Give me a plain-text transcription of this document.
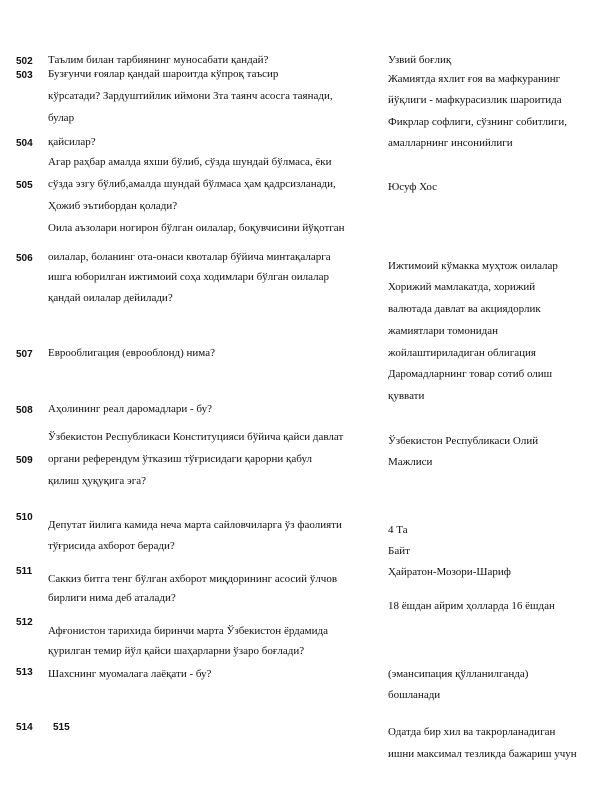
502
503
504
505
506
507
508
509
510
511
512
513
514 515
Таълим билан тарбиянинг муносабати қандай?
Бузғунчи ғоялар қандай шароитда кўпроқ таъсир
кўрсатади? Зардуштийлик иймони 3та таянч асосга таянади,
булар
қайсилар?
Агар раҳбар амалда яхши бўлиб, сўзда шундай бўлмаса, ёки
сўзда эзгу бўлиб,амалда шундай бўлмаса ҳам қадрсизланади,
Ҳожиб эътибордан қолади?
Оила аъзолари ногирон бўлган оилалар, боқувчисини йўқотган
оилалар, боланинг ота-онаси квоталар бўйича минтақаларга
ишга юборилган ижтимоий соҳа ходимлари бўлган оилалар
қандай оилалар дейилади?
Еврооблигация (еврооблонд) нима?
Аҳолининг реал даромадлари - бу?
Ўзбекистон Республикаси Конституцияси бўйича қайси давлат
органи референдум ўтказиш тўғрисидаги қарорни қабул
қилиш ҳуқуқига эга?
Депутат йилига камида неча марта сайловчиларга ўз фаолияти
тўғрисида ахборот беради?
Саккиз битга тенг бўлган ахборот миқдорининг асосий ўлчов
бирлиги нима деб аталади?
Афғонистон тарихида биринчи марта Ўзбекистон ёрдамида
қурилган темир йўл қайси шаҳарларни ўзаро боғлади?
Шахснинг муомалага лаёқати - бу?
Узвий боғлиқ
Жамиятда яхлит ғоя ва мафкуранинг
йўқлиги - мафкурасизлик шароитида
Фикрлар софлиги, сўзнинг собитлиги,
амалларнинг инсонийлиги
Юсуф Хос
Ижтимоий кўмакка муҳтож оилалар
Хорижий мамлакатда, хорижий
валютада давлат ва акциядорлик
жамиятлари томонидан
жойлаштириладиган облигация
Даромадларнинг товар сотиб олиш
қуввати
Ўзбекистон Республикаси Олий
Мажлиси
4 Та
Байт
Ҳайратон-Мозори-Шариф
18 ёшдан айрим ҳолларда 16 ёшдан
(эмансипация қўлланилганда)
бошланади
Одатда бир хил ва такрорланадиган
ишни максимал тезликда бажариш учун
